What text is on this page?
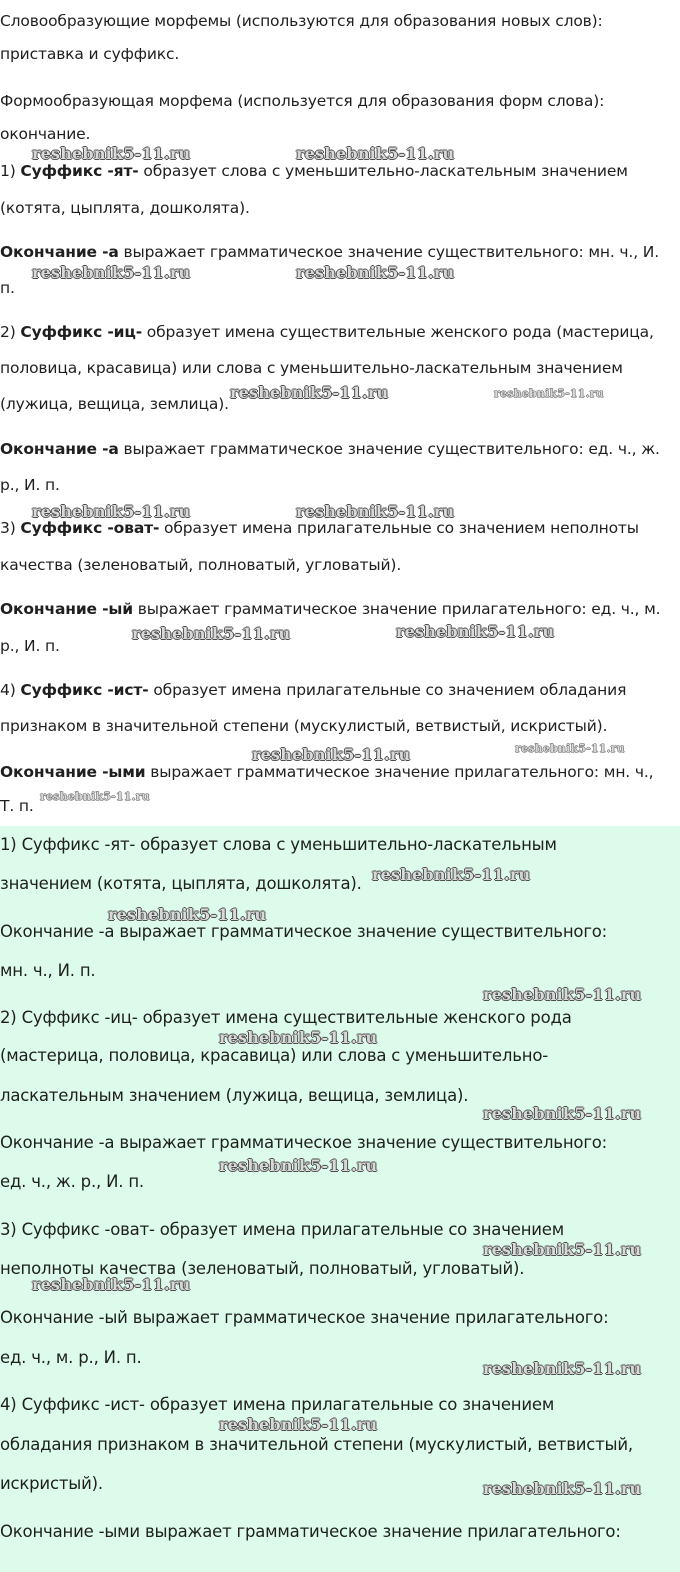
Словообразующие морфемы (используются для образования новых слов):

приставка и суффикс.

Формообразующая морфема (используется для образования форм слова):

окончание.

1) Суффикс -ят- образует слова с уменьшительно-ласкательным значением

(котята, цыплята, дошколята).

Окончание -а выражает грамматическое значение существительного: мн. ч., И.

п.

2) Суффикс -иц- образует имена существительные женского рода (мастерица,

половица, красавица) или слова с уменьшительно-ласкательным значением

(лужица, вещица, землица).

Окончание -а выражает грамматическое значение существительного: ед. ч., ж.

р., И. п.

3) Суффикс -оват- образует имена прилагательные со значением неполноты

качества (зеленоватый, полноватый, угловатый).

Окончание -ый выражает грамматическое значение прилагательного: ед. ч., м.

р., И. п.

4) Суффикс -ист- образует имена прилагательные со значением обладания

признаком в значительной степени (мускулистый, ветвистый, искристый).

Окончание -ыми выражает грамматическое значение прилагательного: мн. ч.,

Т. п.

1) Суффикс -ят- образует слова с уменьшительно-ласкательным

значением (котята, цыплята, дошколята).

Окончание -а выражает грамматическое значение существительного:

мн. ч., И. п.

2) Суффикс -иц- образует имена существительные женского рода

(мастерица, половица, красавица) или слова с уменьшительно-

ласкательным значением (лужица, вещица, землица).

Окончание -а выражает грамматическое значение существительного:

ед. ч., ж. р., И. п.

3) Суффикс -оват- образует имена прилагательные со значением

неполноты качества (зеленоватый, полноватый, угловатый).

Окончание -ый выражает грамматическое значение прилагательного:

ед. ч., м. р., И. п.

4) Суффикс -ист- образует имена прилагательные со значением

обладания признаком в значительной степени (мускулистый, ветвистый,

искристый).

Окончание -ыми выражает грамматическое значение прилагательного:

reshebnik5-11.ru	reshebnik5-11.ru

reshebnik5-11.ru	reshebnik5-11.ru

reshebnik5-11.ru	reshebnik5-11.ru

reshebnik5-11.ru	reshebnik5-11.ru

reshebnik5-11.ru	reshebnik5-11.ru

reshebnik5-11.ru	reshebnik5-11.ru

reshebnik5-11.ru

reshebnik5-11.ru

reshebnik5-11.ru

reshebnik5-11.ru

reshebnik5-11.ru

reshebnik5-11.ru

reshebnik5-11.ru

reshebnik5-11.ru

reshebnik5-11.ru

reshebnik5-11.ru

reshebnik5-11.ru

reshebnik5-11.ru
